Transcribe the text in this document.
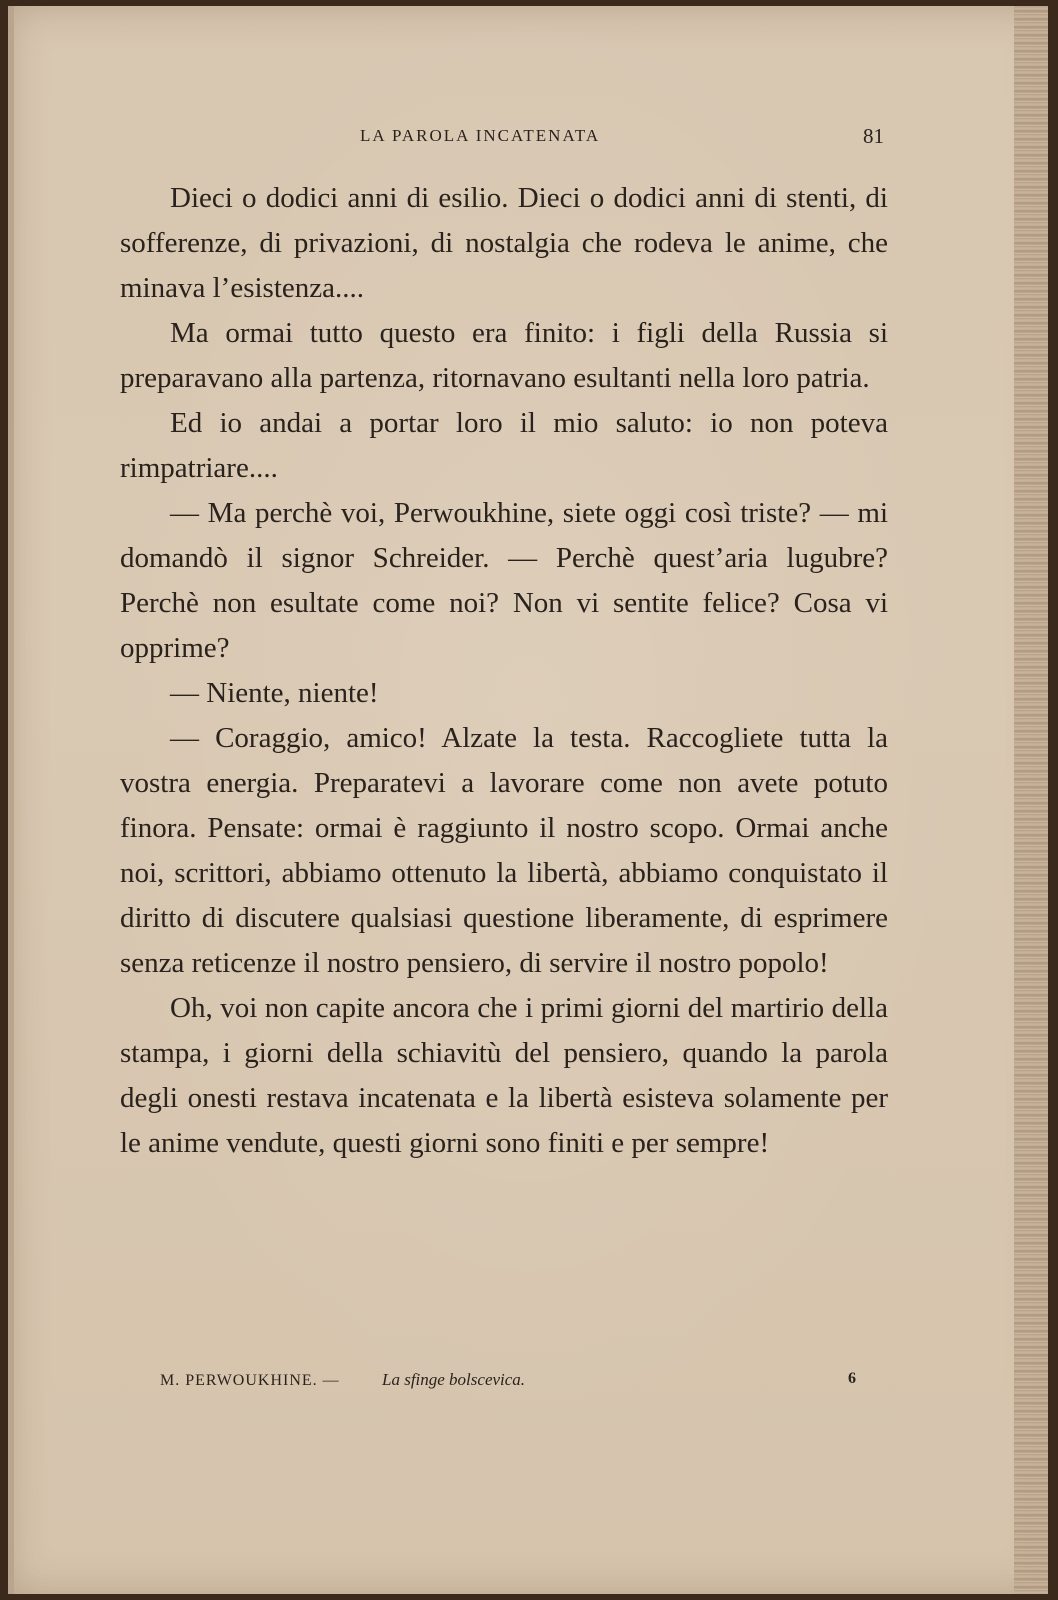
LA PAROLA INCATENATA	81

Dieci o dodici anni di esilio. Dieci o dodici anni di stenti, di sofferenze, di privazioni, di nostalgia che rodeva le anime, che minava l’esistenza....

Ma ormai tutto questo era finito: i figli della Russia si preparavano alla partenza, ritornavano esultanti nella loro patria.

Ed io andai a portar loro il mio saluto: io non poteva rimpatriare....

— Ma perchè voi, Perwoukhine, siete oggi così triste? — mi domandò il signor Schreider. — Perchè quest’aria lugubre? Perchè non esultate come noi? Non vi sentite felice? Cosa vi opprime?

— Niente, niente!

— Coraggio, amico! Alzate la testa. Raccogliete tutta la vostra energia. Preparatevi a lavorare come non avete potuto finora. Pensate: ormai è raggiunto il nostro scopo. Ormai anche noi, scrittori, abbiamo ottenuto la libertà, abbiamo conquistato il diritto di discutere qualsiasi questione liberamente, di esprimere senza reticenze il nostro pensiero, di servire il nostro popolo!

Oh, voi non capite ancora che i primi giorni del martirio della stampa, i giorni della schiavitù del pensiero, quando la parola degli onesti restava incatenata e la libertà esisteva solamente per le anime vendute, questi giorni sono finiti e per sempre!

M. PERWOUKHINE. — La sfinge bolscevica.	6
